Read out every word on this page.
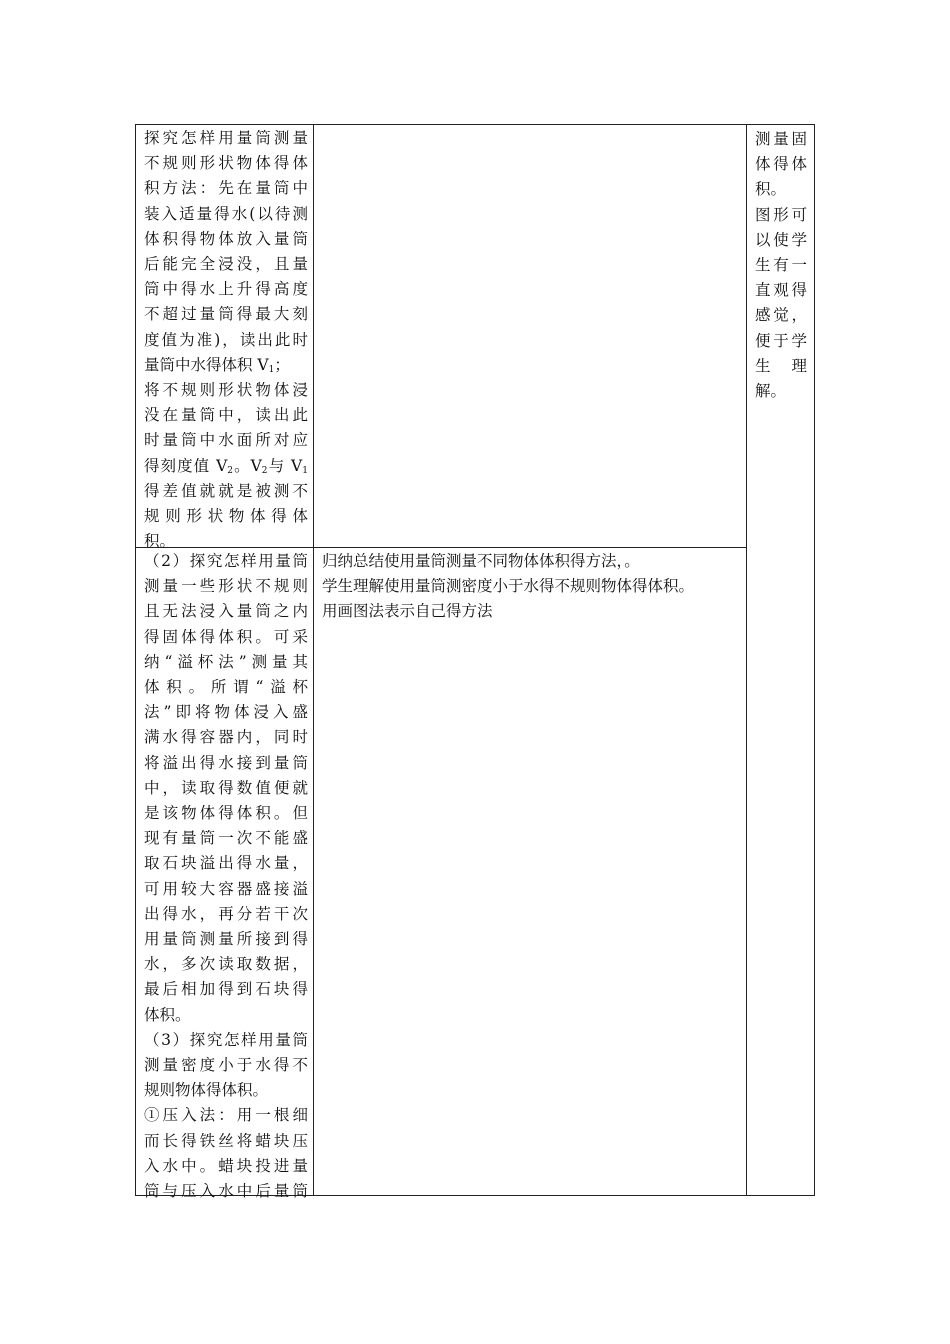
探究怎样用量筒测量
不规则形状物体得体
积方法：先在量筒中
装入适量得水(以待测
体积得物体放入量筒
后能完全浸没，且量
筒中得水上升得高度
不超过量筒得最大刻
度值为准)，读出此时
量筒中水得体积 $V_1$；
将不规则形状物体浸
没在量筒中，读出此
时量筒中水面所对应
得刻度值 $V_2$。$V_2$与 $V_1$
得差值就就是被测不
规则形状物体得体
积。
（2）探究怎样用量筒
测量一些形状不规则
且无法浸入量筒之内
得固体得体积。可采
纳“溢杯法”测量其
体积。所谓“溢杯
法”即将物体浸入盛
满水得容器内，同时
将溢出得水接到量筒
中，读取得数值便就
是该物体得体积。但
现有量筒一次不能盛
取石块溢出得水量，
可用较大容器盛接溢
出得水，再分若干次
用量筒测量所接到得
水，多次读取数据，
最后相加得到石块得
体积。
（3）探究怎样用量筒
测量密度小于水得不
规则物体得体积。
①压入法：用一根细
而长得铁丝将蜡块压
入水中。蜡块投进量
筒与压入水中后量筒
归纳总结使用量筒测量不同物体体积得方法，。
学生理解使用量筒测密度小于水得不规则物体得体积。
用画图法表示自己得方法
测量固
体得体
积。
图形可
以使学
生有一
直观得
感觉，
便于学
生 理
解。
